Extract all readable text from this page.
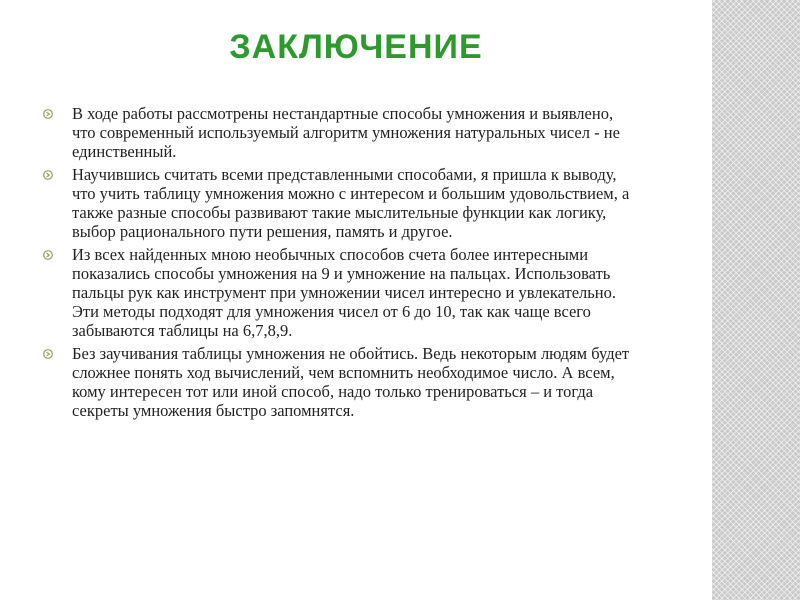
ЗАКЛЮЧЕНИЕ
В ходе работы рассмотрены нестандартные способы умножения и выявлено, что современный используемый алгоритм умножения натуральных чисел - не единственный.
Научившись считать всеми представленными способами, я пришла к выводу, что учить таблицу умножения можно с интересом и большим удовольствием, а также разные способы развивают такие мыслительные функции как логику, выбор рационального пути решения, память и другое.
Из всех найденных мною необычных способов счета более интересными показались способы умножения на 9 и умножение на пальцах. Использовать пальцы рук как инструмент при умножении чисел интересно и увлекательно. Эти методы подходят для умножения чисел от 6 до 10, так как чаще всего забываются таблицы на 6,7,8,9.
Без заучивания таблицы умножения не обойтись. Ведь некоторым людям будет сложнее понять ход вычислений, чем вспомнить необходимое число. А всем, кому интересен тот или иной способ, надо только тренироваться – и тогда секреты умножения быстро запомнятся.
